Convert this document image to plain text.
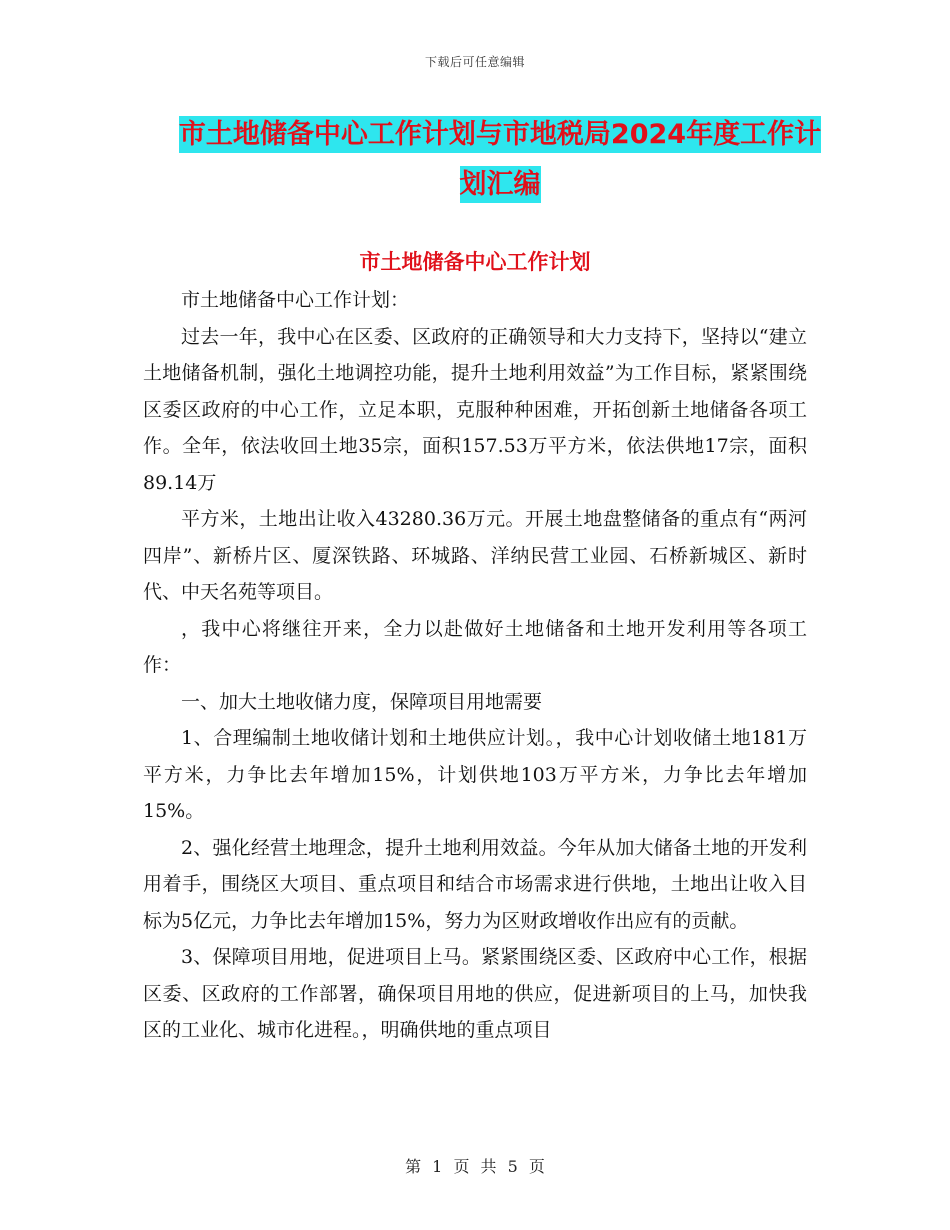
下载后可任意编辑
市土地储备中心工作计划与市地税局2024年度工作计
划汇编
市土地储备中心工作计划

市土地储备中心工作计划：

过去一年，我中心在区委、区政府的正确领导和大力支持下，坚持以“建立土地储备机制，强化土地调控功能，提升土地利用效益”为工作目标，紧紧围绕区委区政府的中心工作，立足本职，克服种种困难，开拓创新土地储备各项工作。全年，依法收回土地35宗，面积157.53万平方米，依法供地17宗，面积89.14万

平方米，土地出让收入43280.36万元。开展土地盘整储备的重点有“两河四岸”、新桥片区、厦深铁路、环城路、洋纳民营工业园、石桥新城区、新时代、中天名苑等项目。

，我中心将继往开来，全力以赴做好土地储备和土地开发利用等各项工作：

一、加大土地收储力度，保障项目用地需要

1、合理编制土地收储计划和土地供应计划。，我中心计划收储土地181万平方米，力争比去年增加15%，计划供地103万平方米，力争比去年增加15%。

2、强化经营土地理念，提升土地利用效益。今年从加大储备土地的开发利用着手，围绕区大项目、重点项目和结合市场需求进行供地，土地出让收入目标为5亿元，力争比去年增加15%，努力为区财政增收作出应有的贡献。

3、保障项目用地，促进项目上马。紧紧围绕区委、区政府中心工作，根据区委、区政府的工作部署，确保项目用地的供应，促进新项目的上马，加快我区的工业化、城市化进程。，明确供地的重点项目

第 1 页 共 5 页
